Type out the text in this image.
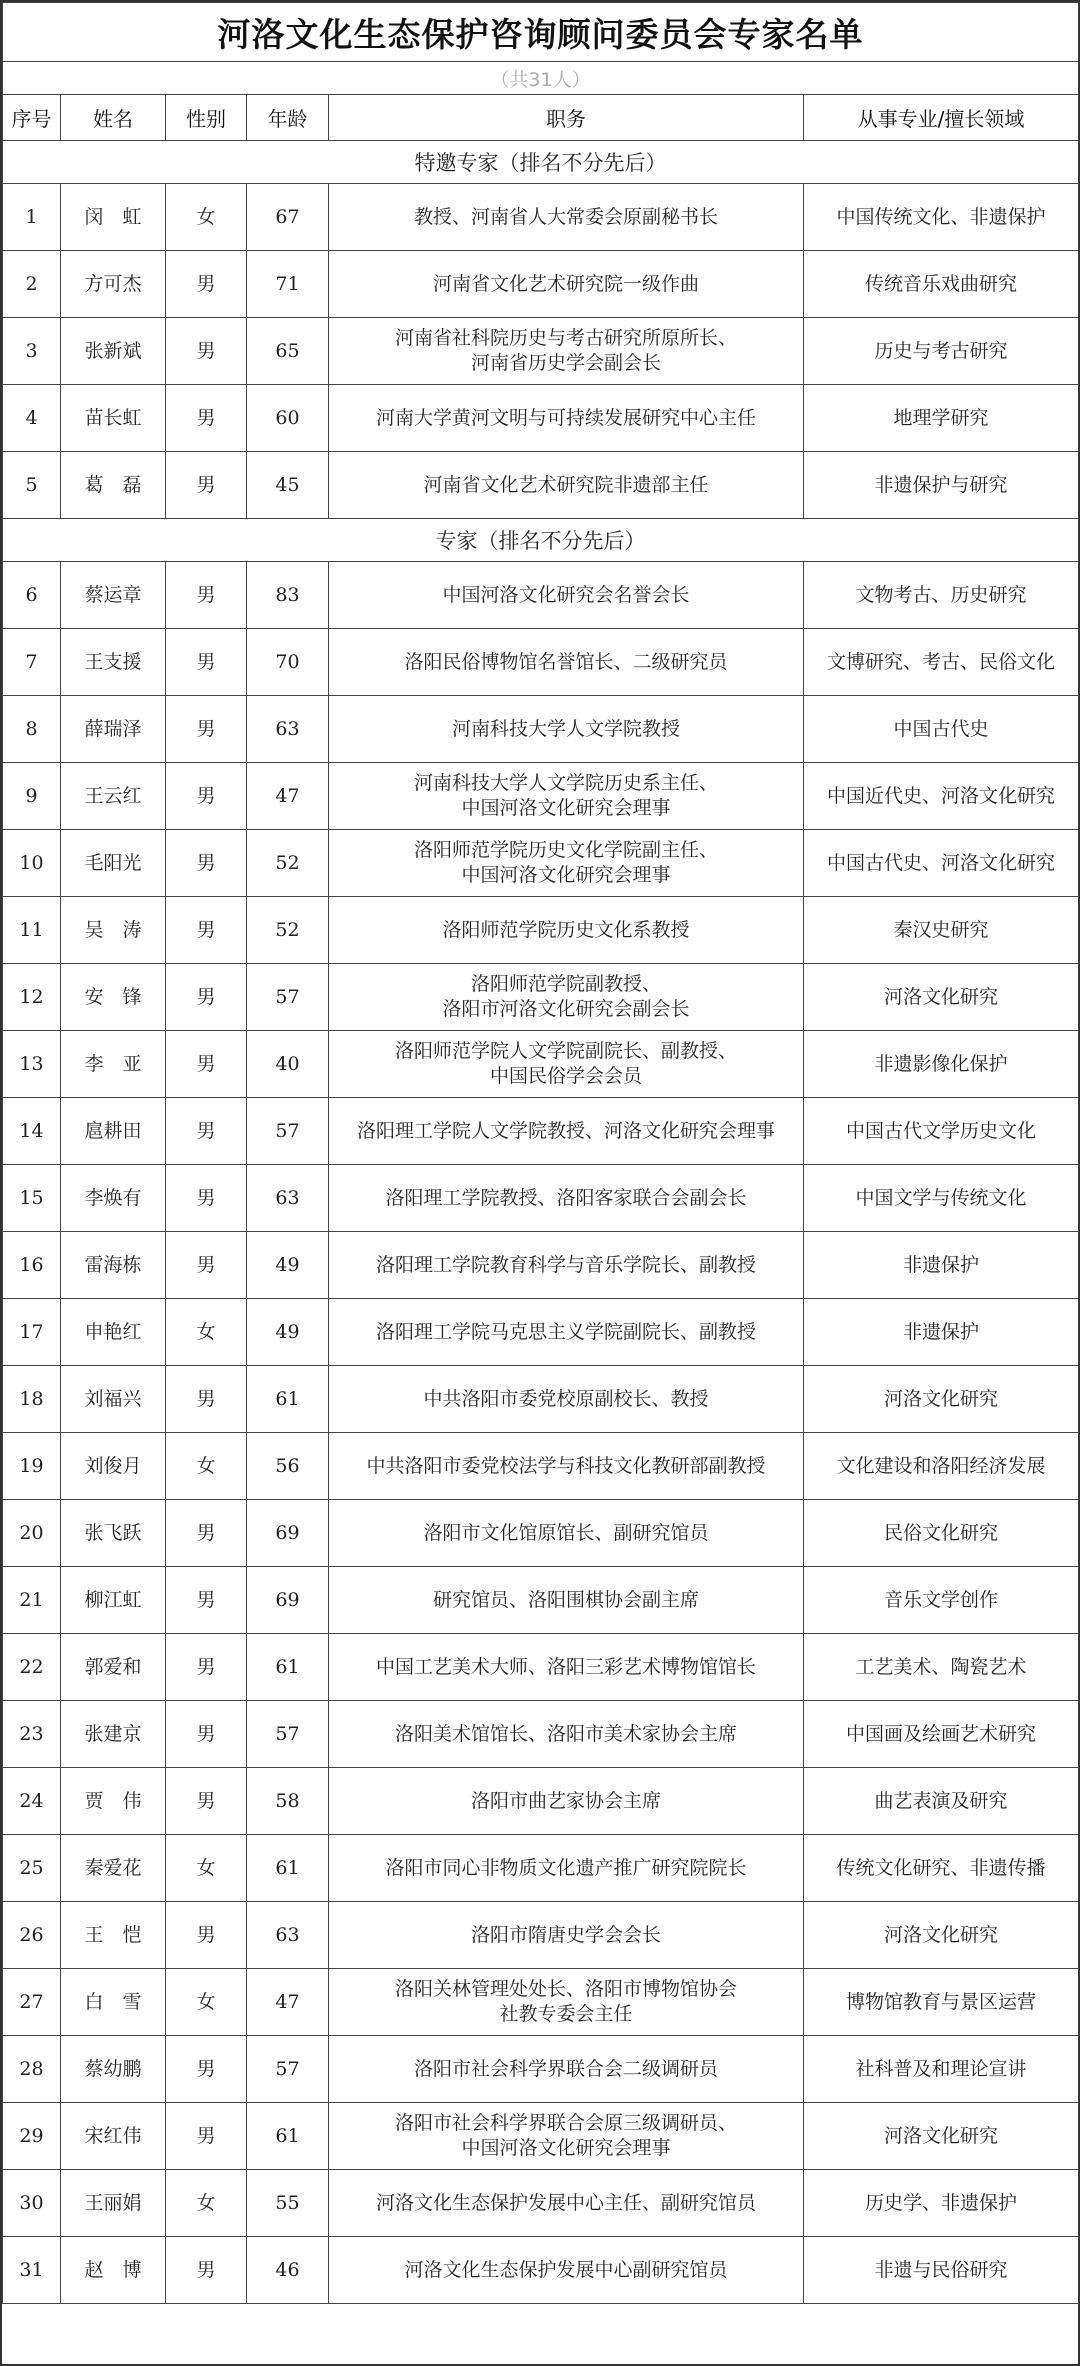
河洛文化生态保护咨询顾问委员会专家名单					
（共31人）					
序号	姓名	性别	年龄	职务	从事专业/擅长领域
特邀专家（排名不分先后）					
1	闵　虹	女	67	教授、河南省人大常委会原副秘书长	中国传统文化、非遗保护
2	方可杰	男	71	河南省文化艺术研究院一级作曲	传统音乐戏曲研究
3	张新斌	男	65	河南省社科院历史与考古研究所原所长、
河南省历史学会副会长	历史与考古研究
4	苗长虹	男	60	河南大学黄河文明与可持续发展研究中心主任	地理学研究
5	葛　磊	男	45	河南省文化艺术研究院非遗部主任	非遗保护与研究
专家（排名不分先后）					
6	蔡运章	男	83	中国河洛文化研究会名誉会长	文物考古、历史研究
7	王支援	男	70	洛阳民俗博物馆名誉馆长、二级研究员	文博研究、考古、民俗文化
8	薛瑞泽	男	63	河南科技大学人文学院教授	中国古代史
9	王云红	男	47	河南科技大学人文学院历史系主任、
中国河洛文化研究会理事	中国近代史、河洛文化研究
10	毛阳光	男	52	洛阳师范学院历史文化学院副主任、
中国河洛文化研究会理事	中国古代史、河洛文化研究
11	吴　涛	男	52	洛阳师范学院历史文化系教授	秦汉史研究
12	安　锋	男	57	洛阳师范学院副教授、
洛阳市河洛文化研究会副会长	河洛文化研究
13	李　亚	男	40	洛阳师范学院人文学院副院长、副教授、
中国民俗学会会员	非遗影像化保护
14	扈耕田	男	57	洛阳理工学院人文学院教授、河洛文化研究会理事	中国古代文学历史文化
15	李焕有	男	63	洛阳理工学院教授、洛阳客家联合会副会长	中国文学与传统文化
16	雷海栋	男	49	洛阳理工学院教育科学与音乐学院长、副教授	非遗保护
17	申艳红	女	49	洛阳理工学院马克思主义学院副院长、副教授	非遗保护
18	刘福兴	男	61	中共洛阳市委党校原副校长、教授	河洛文化研究
19	刘俊月	女	56	中共洛阳市委党校法学与科技文化教研部副教授	文化建设和洛阳经济发展
20	张飞跃	男	69	洛阳市文化馆原馆长、副研究馆员	民俗文化研究
21	柳江虹	男	69	研究馆员、洛阳围棋协会副主席	音乐文学创作
22	郭爱和	男	61	中国工艺美术大师、洛阳三彩艺术博物馆馆长	工艺美术、陶瓷艺术
23	张建京	男	57	洛阳美术馆馆长、洛阳市美术家协会主席	中国画及绘画艺术研究
24	贾　伟	男	58	洛阳市曲艺家协会主席	曲艺表演及研究
25	秦爱花	女	61	洛阳市同心非物质文化遗产推广研究院院长	传统文化研究、非遗传播
26	王　恺	男	63	洛阳市隋唐史学会会长	河洛文化研究
27	白　雪	女	47	洛阳关林管理处处长、洛阳市博物馆协会
社教专委会主任	博物馆教育与景区运营
28	蔡幼鹏	男	57	洛阳市社会科学界联合会二级调研员	社科普及和理论宣讲
29	宋红伟	男	61	洛阳市社会科学界联合会原三级调研员、
中国河洛文化研究会理事	河洛文化研究
30	王丽娟	女	55	河洛文化生态保护发展中心主任、副研究馆员	历史学、非遗保护
31	赵　博	男	46	河洛文化生态保护发展中心副研究馆员	非遗与民俗研究
